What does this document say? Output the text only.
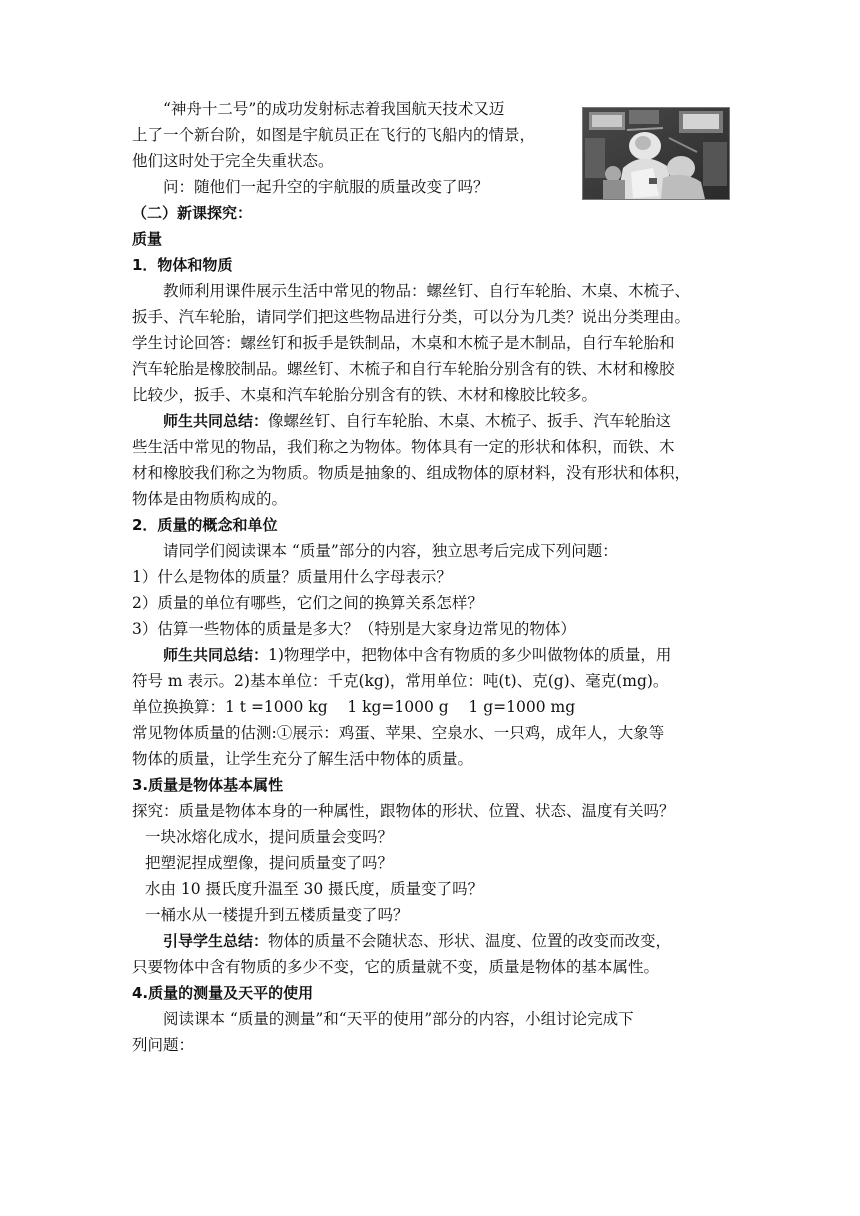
“神舟十二号”的成功发射标志着我国航天技术又迈
上了一个新台阶，如图是宇航员正在飞行的飞船内的情景，
他们这时处于完全失重状态。
问：随他们一起升空的宇航服的质量改变了吗？
（二）新课探究：
质量
1．物体和物质
教师利用课件展示生活中常见的物品：螺丝钉、自行车轮胎、木桌、木梳子、
扳手、汽车轮胎，请同学们把这些物品进行分类，可以分为几类？说出分类理由。
学生讨论回答：螺丝钉和扳手是铁制品，木桌和木梳子是木制品，自行车轮胎和
汽车轮胎是橡胶制品。螺丝钉、木梳子和自行车轮胎分别含有的铁、木材和橡胶
比较少，扳手、木桌和汽车轮胎分别含有的铁、木材和橡胶比较多。
师生共同总结：像螺丝钉、自行车轮胎、木桌、木梳子、扳手、汽车轮胎这
些生活中常见的物品，我们称之为物体。物体具有一定的形状和体积，而铁、木
材和橡胶我们称之为物质。物质是抽象的、组成物体的原材料，没有形状和体积，
物体是由物质构成的。
2．质量的概念和单位
请同学们阅读课本 “质量”部分的内容，独立思考后完成下列问题：
1）什么是物体的质量？质量用什么字母表示？
2）质量的单位有哪些，它们之间的换算关系怎样？
3）估算一些物体的质量是多大？（特别是大家身边常见的物体）
师生共同总结：1)物理学中，把物体中含有物质的多少叫做物体的质量，用
符号 m 表示。2)基本单位：千克(kg)，常用单位：吨(t)、克(g)、毫克(mg)。
单位换换算：1 t =1000 kg    1 kg=1000 g    1 g=1000 mg
常见物体质量的估测:①展示：鸡蛋、苹果、空泉水、一只鸡，成年人，大象等
物体的质量，让学生充分了解生活中物体的质量。
3.质量是物体基本属性
探究：质量是物体本身的一种属性，跟物体的形状、位置、状态、温度有关吗？
一块冰熔化成水，提问质量会变吗？
把塑泥捏成塑像，提问质量变了吗？
水由 10 摄氏度升温至 30 摄氏度，质量变了吗？
一桶水从一楼提升到五楼质量变了吗？
引导学生总结：物体的质量不会随状态、形状、温度、位置的改变而改变，
只要物体中含有物质的多少不变，它的质量就不变，质量是物体的基本属性。
4.质量的测量及天平的使用
阅读课本 “质量的测量”和“天平的使用”部分的内容，小组讨论完成下
列问题：
